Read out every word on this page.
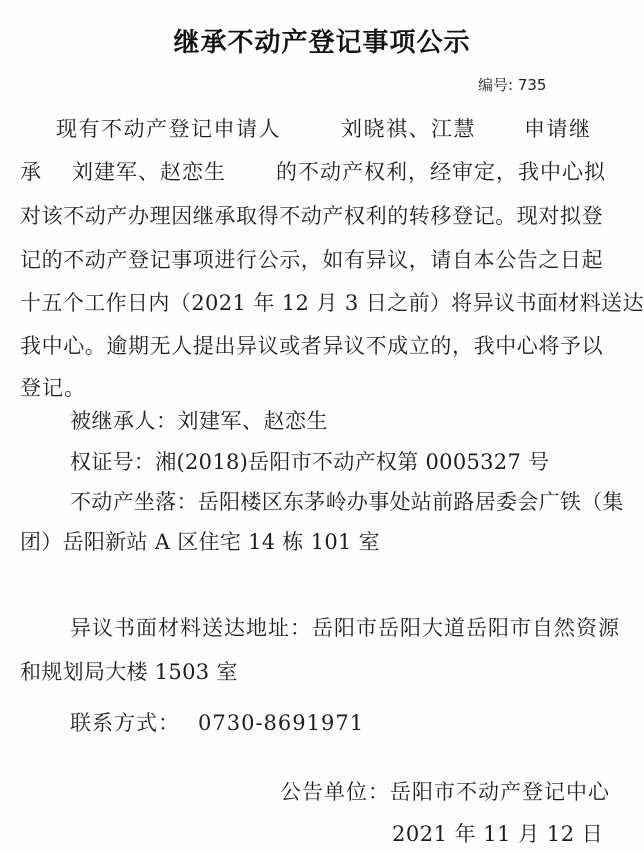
继承不动产登记事项公示
编号: 735
现有不动产登记申请人	刘晓祺、江慧 申请继
承 刘建军、赵恋生 的不动产权利，经审定，我中心拟
对该不动产办理因继承取得不动产权利的转移登记。现对拟登
记的不动产登记事项进行公示，如有异议，请自本公告之日起
十五个工作日内（2021 年 12 月 3 日之前）将异议书面材料送达
我中心。逾期无人提出异议或者异议不成立的，我中心将予以
登记。
被继承人：刘建军、赵恋生
权证号：湘(2018)岳阳市不动产权第 0005327 号
不动产坐落：岳阳楼区东茅岭办事处站前路居委会广铁（集
团）岳阳新站 A 区住宅 14 栋 101 室
异议书面材料送达地址：岳阳市岳阳大道岳阳市自然资源
和规划局大楼 1503 室
联系方式： 0730-8691971
公告单位：岳阳市不动产登记中心
2021 年 11 月 12 日
